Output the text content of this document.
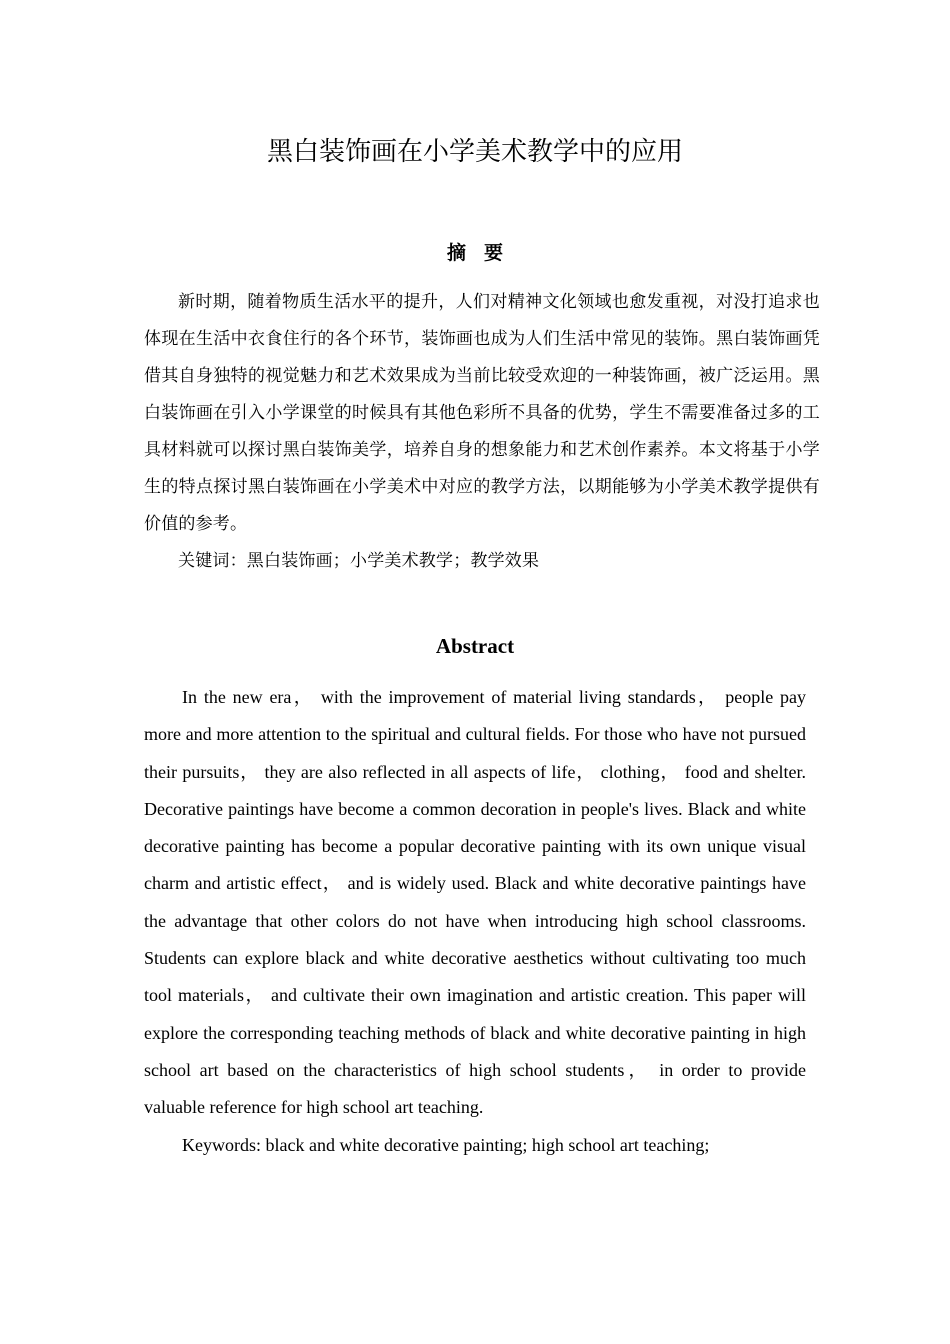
黑白装饰画在小学美术教学中的应用
摘要

新时期，随着物质生活水平的提升，人们对精神文化领域也愈发重视，对没打追求也体现在生活中衣食住行的各个环节，装饰画也成为人们生活中常见的装饰。黑白装饰画凭借其自身独特的视觉魅力和艺术效果成为当前比较受欢迎的一种装饰画，被广泛运用。黑白装饰画在引入小学课堂的时候具有其他色彩所不具备的优势，学生不需要准备过多的工具材料就可以探讨黑白装饰美学，培养自身的想象能力和艺术创作素养。本文将基于小学生的特点探讨黑白装饰画在小学美术中对应的教学方法，以期能够为小学美术教学提供有价值的参考。

关键词：黑白装饰画；小学美术教学；教学效果

Abstract

In the new era， with the improvement of material living standards， people pay more and more attention to the spiritual and cultural fields. For those who have not pursued their pursuits， they are also reflected in all aspects of life， clothing， food and shelter. Decorative paintings have become a common decoration in people's lives. Black and white decorative painting has become a popular decorative painting with its own unique visual charm and artistic effect， and is widely used. Black and white decorative paintings have the advantage that other colors do not have when introducing high school classrooms. Students can explore black and white decorative aesthetics without cultivating too much tool materials， and cultivate their own imagination and artistic creation. This paper will explore the corresponding teaching methods of black and white decorative painting in high school art based on the characteristics of high school students， in order to provide valuable reference for high school art teaching.

Keywords: black and white decorative painting; high school art teaching;
